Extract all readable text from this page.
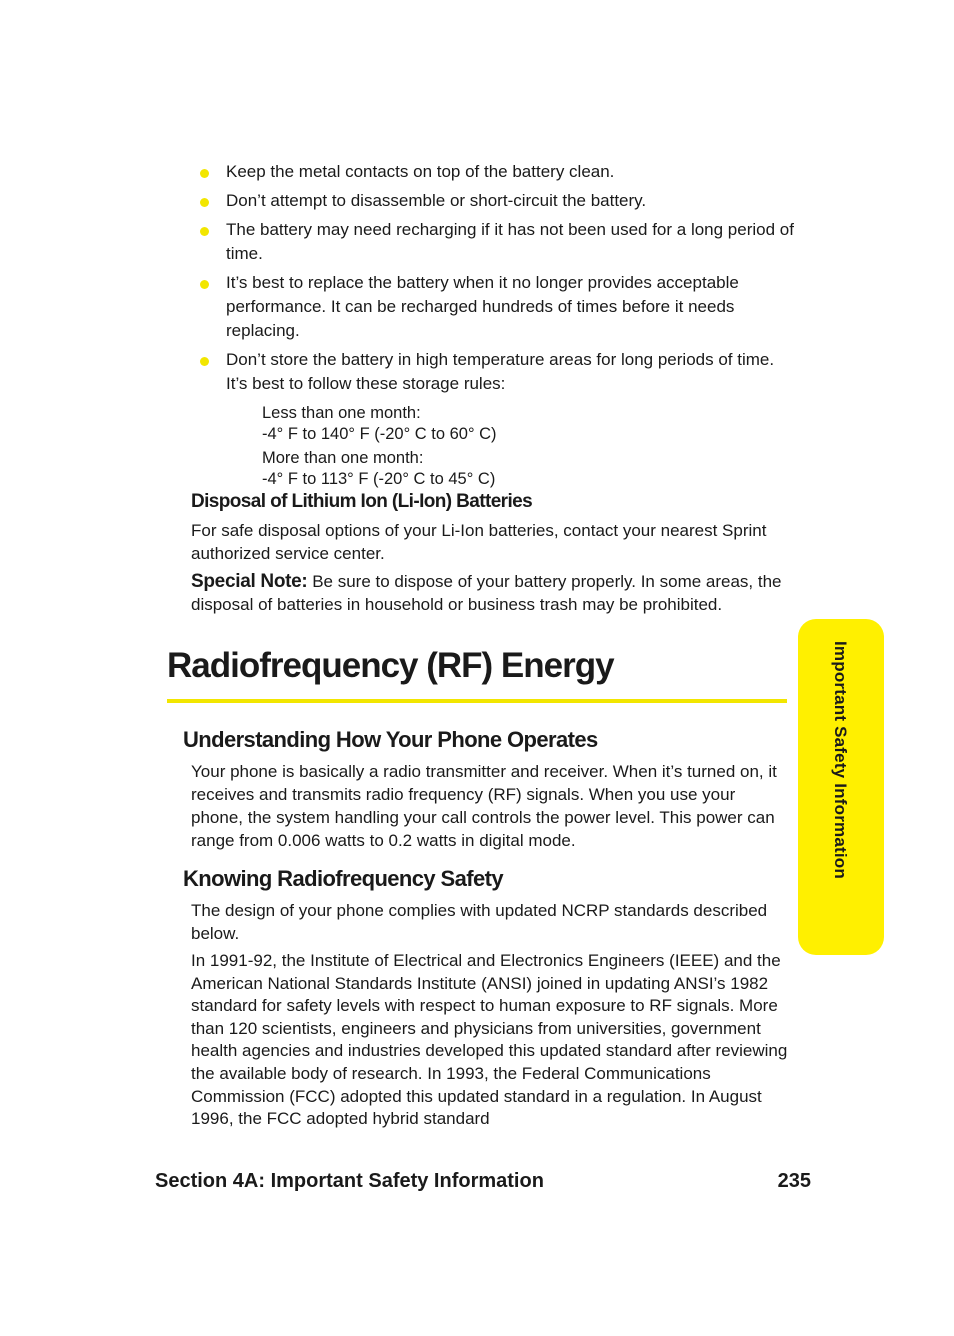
Keep the metal contacts on top of the battery clean.
Don’t attempt to disassemble or short-circuit the battery.
The battery may need recharging if it has not been used for a long period of time.
It’s best to replace the battery when it no longer provides acceptable performance. It can be recharged hundreds of times before it needs replacing.
Don’t store the battery in high temperature areas for long periods of time. It’s best to follow these storage rules:
Less than one month:
-4° F to 140° F (-20° C to 60° C)
More than one month:
-4° F to 113° F (-20° C to 45° C)
Disposal of Lithium Ion (Li-Ion) Batteries
For safe disposal options of your Li-Ion batteries, contact your nearest Sprint authorized service center.
Special Note: Be sure to dispose of your battery properly. In some areas, the disposal of batteries in household or business trash may be prohibited.
Radiofrequency (RF) Energy
Understanding How Your Phone Operates
Your phone is basically a radio transmitter and receiver. When it’s turned on, it receives and transmits radio frequency (RF) signals. When you use your phone, the system handling your call controls the power level. This power can range from 0.006 watts to 0.2 watts in digital mode.
Knowing Radiofrequency Safety
The design of your phone complies with updated NCRP standards described below.
In 1991-92, the Institute of Electrical and Electronics Engineers (IEEE) and the American National Standards Institute (ANSI) joined in updating ANSI’s 1982 standard for safety levels with respect to human exposure to RF signals. More than 120 scientists, engineers and physicians from universities, government health agencies and industries developed this updated standard after reviewing the available body of research. In 1993, the Federal Communications Commission (FCC) adopted this updated standard in a regulation. In August 1996, the FCC adopted hybrid standard
Important Safety Information
Section 4A: Important Safety Information	235
